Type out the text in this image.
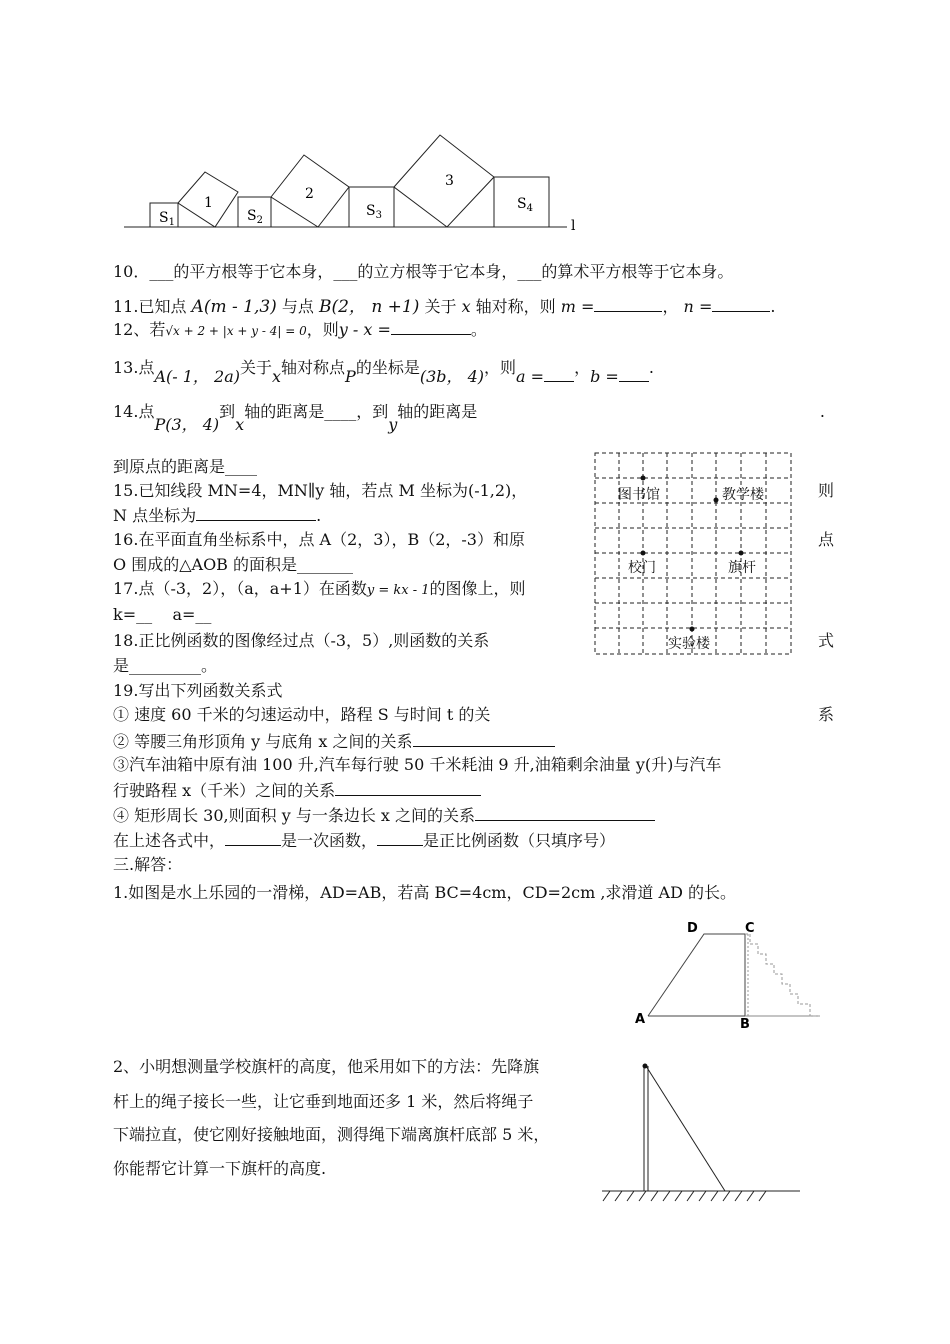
$S_1$	$S_2$
$S_3$
$S_4$
1
2
3
l
10．___的平方根等于它本身，___的立方根等于它本身，___的算术平方根等于它本身。
11.已知点 A(m - 1,3) 与点 B(2， n +1) 关于 x 轴对称，则 m =	， n =	.
12、若√x + 2 + |x + y - 4| = 0，则y - x =	。
13.点A(- 1， 2a)关于x轴对称点P的坐标是(3b， 4)，则a = ，b = .
14.点P(3， 4)到x轴的距离是____，到y轴的距离是	.
到原点的距离是____
15.已知线段 MN=4，MN∥y 轴，若点 M 坐标为(-1,2)，	则
N 点坐标为	.
16.在平面直角坐标系中，点 A（2，3），B（2，-3）和原	点
O 围成的△AOB 的面积是_______
17.点（-3，2），（a，a+1）在函数y = kx - 1的图像上，则
k=__    a=__
18.正比例函数的图像经过点（-3，5）,则函数的关系	式
是_________。
19.写出下列函数关系式
① 速度 60 千米的匀速运动中，路程 S 与时间 t 的关	系
② 等腰三角形顶角 y 与底角 x 之间的关系
③汽车油箱中原有油 100 升,汽车每行驶 50 千米耗油 9 升,油箱剩余油量 y(升)与汽车
行驶路程 x（千米）之间的关系
④ 矩形周长 30,则面积 y 与一条边长 x 之间的关系
在上述各式中，	是一次函数，	是正比例函数（只填序号）
三.解答：
1.如图是水上乐园的一滑梯，AD=AB，若高 BC=4cm，CD=2cm ,求滑道 AD 的长。
图书馆	教学楼
校门	旗杆
实验楼
D	C
A	B
2、小明想测量学校旗杆的高度，他采用如下的方法：先降旗
杆上的绳子接长一些，让它垂到地面还多 1 米，然后将绳子
下端拉直，使它刚好接触地面，测得绳下端离旗杆底部 5 米，
你能帮它计算一下旗杆的高度.
